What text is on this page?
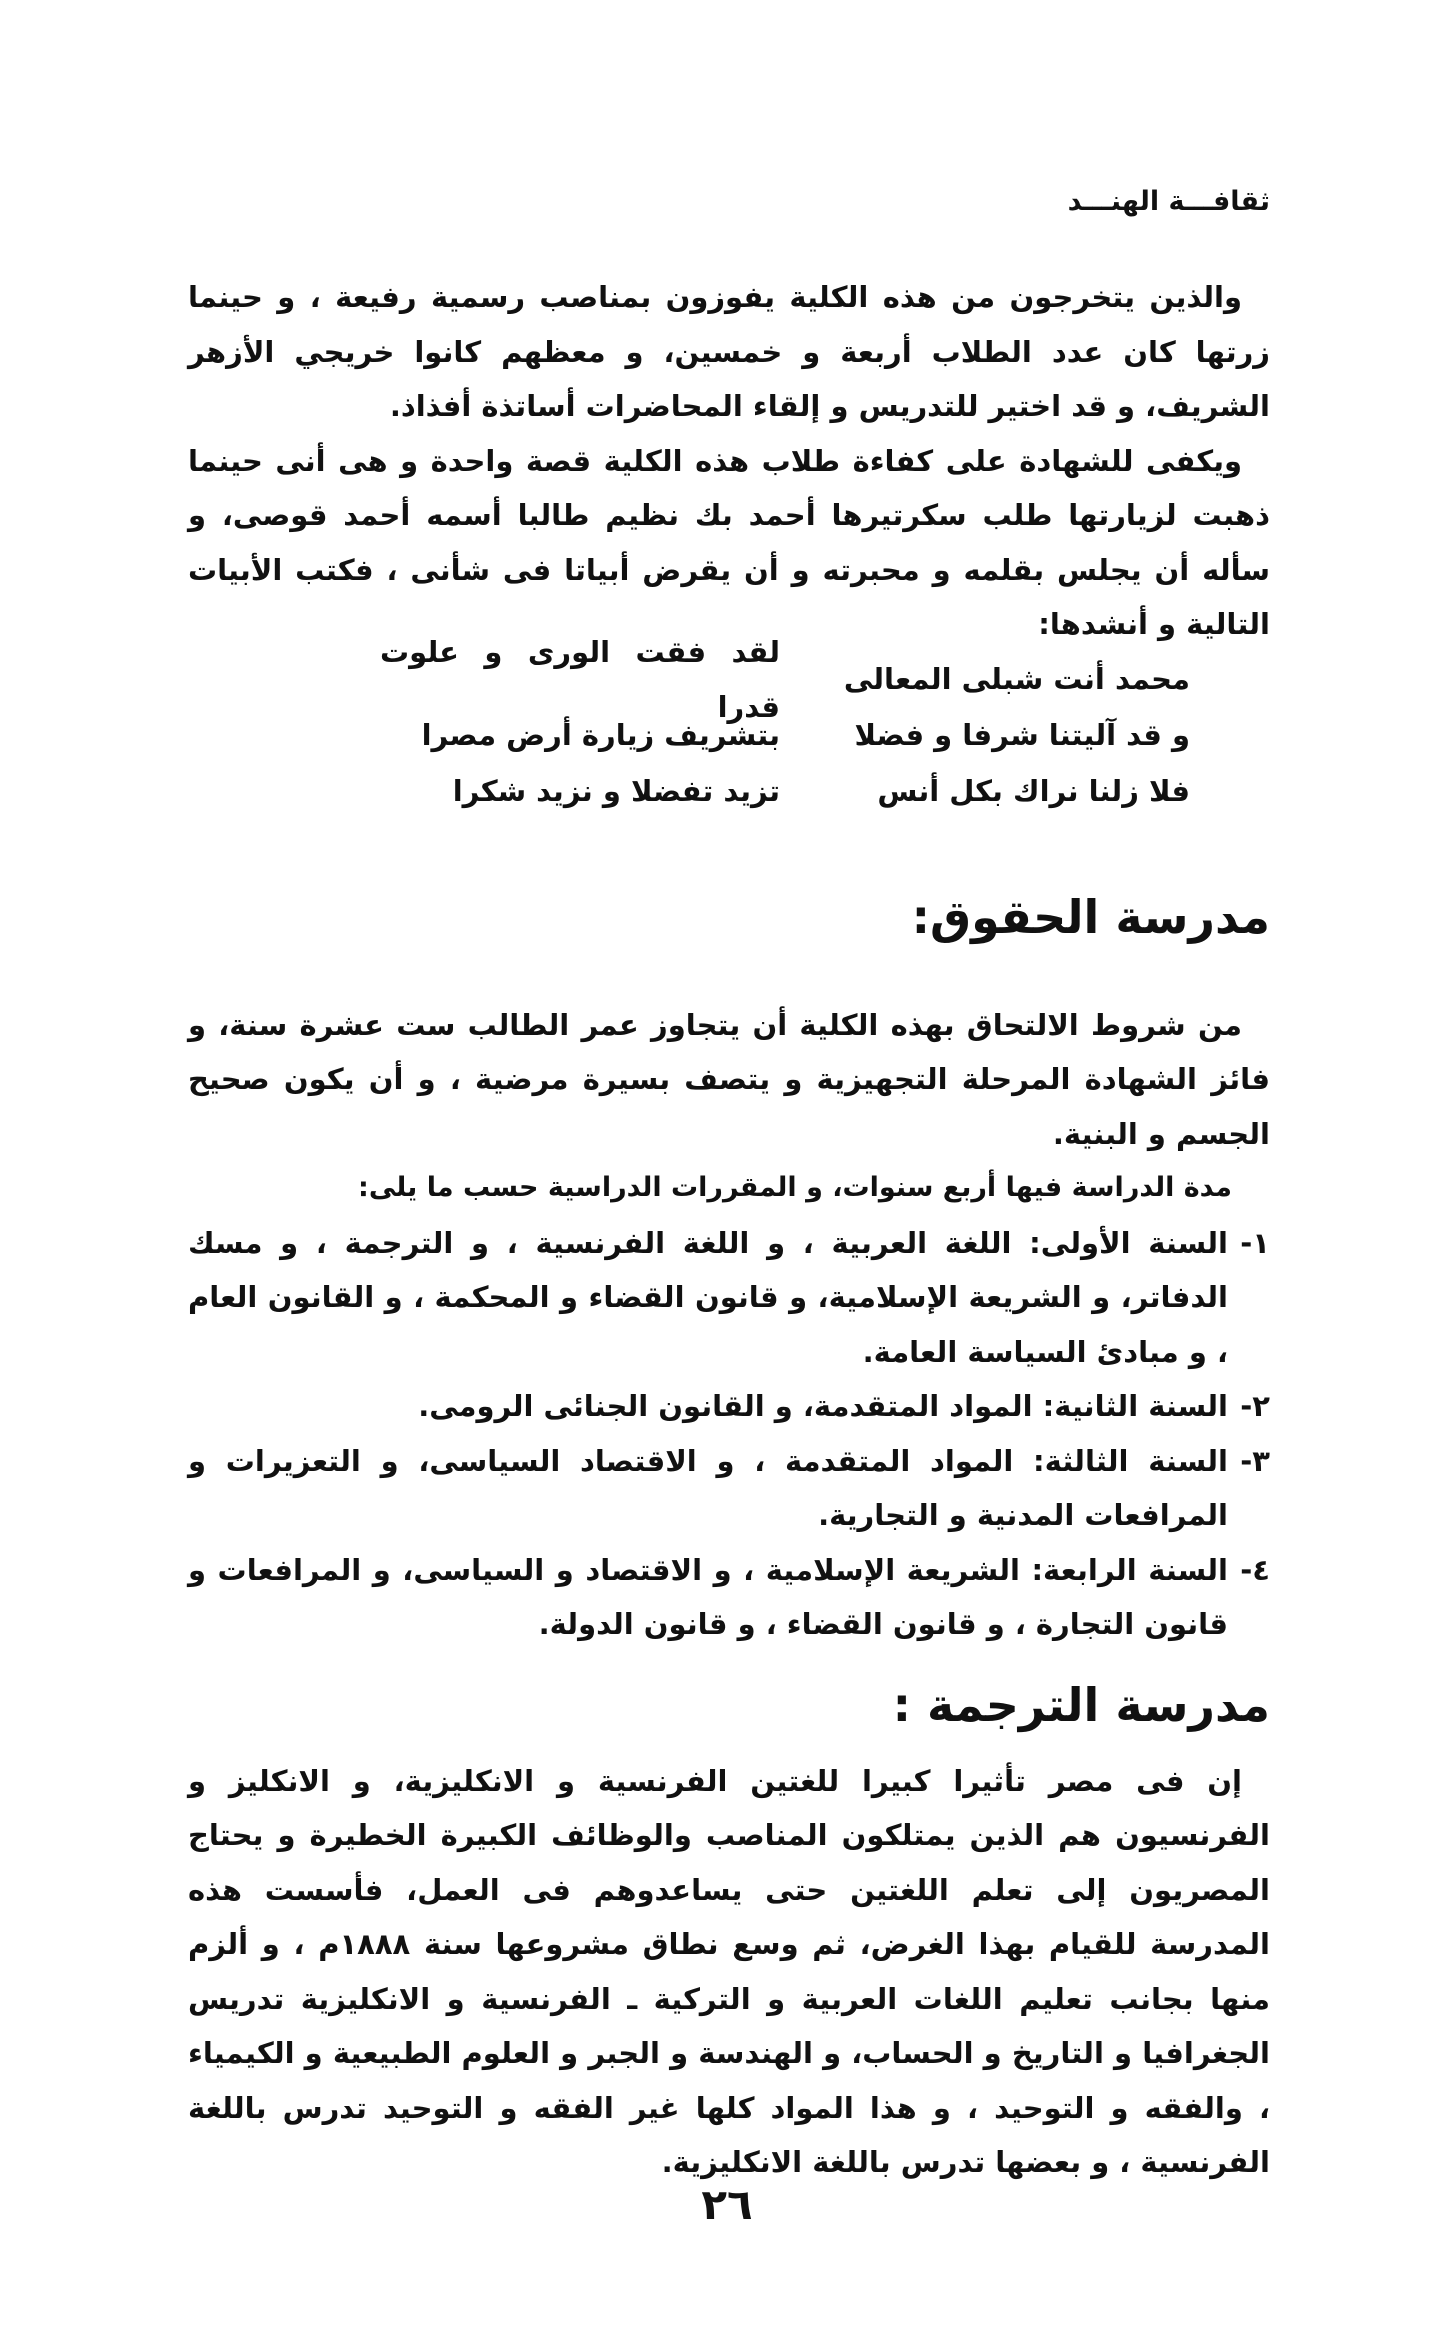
ثقافـــة الهنـــد

والذين يتخرجون من هذه الكلية يفوزون بمناصب رسمية رفيعة ، و حينما زرتها كان عدد الطلاب أربعة و خمسين، و معظهم كانوا خريجي الأزهر الشريف، و قد اختير للتدريس و إلقاء المحاضرات أساتذة أفذاذ.

ويكفى للشهادة على كفاءة طلاب هذه الكلية قصة واحدة و هى أنى حينما ذهبت لزيارتها طلب سكرتيرها أحمد بك نظيم طالبا أسمه أحمد قوصى، و سأله أن يجلس بقلمه و محبرته و أن يقرض أبياتا فى شأنى ، فكتب الأبيات التالية و أنشدها:

محمد أنت شبلى المعالى
لقد فقت الورى و علوت قدرا
و قد آليتنا شرفا و فضلا
بتشريف زيارة أرض مصرا
فلا زلنا نراك بكل أنس
تزيد تفضلا و نزيد شكرا
مدرسة الحقوق:

من شروط الالتحاق بهذه الكلية أن يتجاوز عمر الطالب ست عشرة سنة، و فائز الشهادة المرحلة التجهيزية و يتصف بسيرة مرضية ، و أن يكون صحيح الجسم و البنية.

مدة الدراسة فيها أربع سنوات، و المقررات الدراسية حسب ما يلى:

١-
السنة الأولى: اللغة العربية ، و اللغة الفرنسية ، و الترجمة ، و مسك الدفاتر، و الشريعة الإسلامية، و قانون القضاء و المحكمة ، و القانون العام ، و مبادئ السياسة العامة.
٢-
السنة الثانية: المواد المتقدمة، و القانون الجنائى الرومى.
٣-
السنة الثالثة: المواد المتقدمة ، و الاقتصاد السياسى، و التعزيرات و المرافعات المدنية و التجارية.
٤-
السنة الرابعة: الشريعة الإسلامية ، و الاقتصاد و السياسى، و المرافعات و قانون التجارة ، و قانون القضاء ، و قانون الدولة.
مدرسة الترجمة :

إن فى مصر تأثيرا كبيرا للغتين الفرنسية و الانكليزية، و الانكليز و الفرنسيون هم الذين يمتلكون المناصب والوظائف الكبيرة الخطيرة و يحتاج المصريون إلى تعلم اللغتين حتى يساعدوهم فى العمل، فأسست هذه المدرسة للقيام بهذا الغرض، ثم وسع نطاق مشروعها سنة ١٨٨٨م ، و ألزم منها بجانب تعليم اللغات العربية و التركية ـ الفرنسية و الانكليزية تدريس الجغرافيا و التاريخ و الحساب، و الهندسة و الجبر و العلوم الطبيعية و الكيمياء ، والفقه و التوحيد ، و هذا المواد كلها غير الفقه و التوحيد تدرس باللغة الفرنسية ، و بعضها تدرس باللغة الانكليزية.

٢٦
